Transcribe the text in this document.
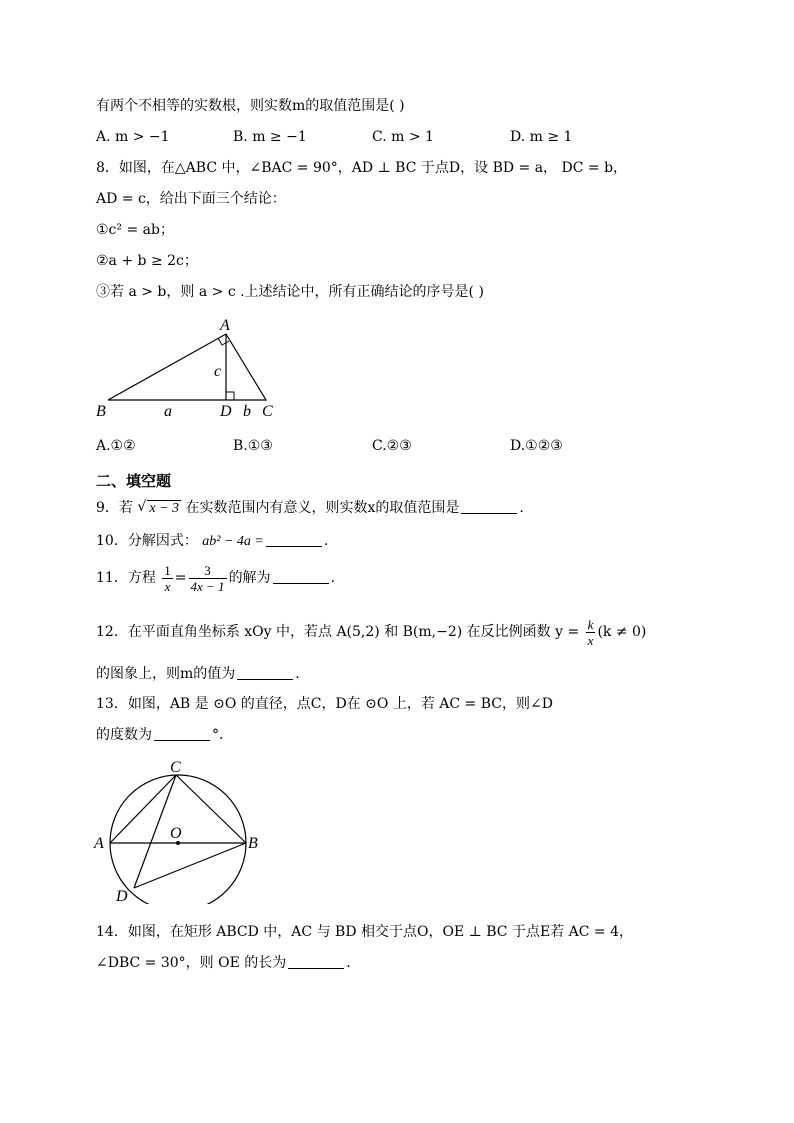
有两个不相等的实数根，则实数m的取值范围是( )
A. m > −1	B. m ≥ −1	C. m > 1	D. m ≥ 1
8．如图，在△ABC 中，∠BAC = 90°，AD ⊥ BC 于点D，设 BD = a， DC = b，
AD = c，给出下面三个结论：
①c² = ab；
②a + b ≥ 2c；
③若 a > b，则 a > c .上述结论中，所有正确结论的序号是( )
A
B	C
D
a	b
c
A.①②	B.①③	C.②③	D.①②③
二、填空题
9．若 √ x − 3 在实数范围内有意义，则实数x的取值范围是	.
10．分解因式： ab² − 4a =	.
11．方程 $\frac{1}{x} = \frac{3}{4x - 1}$ 的解为	.
12．在平面直角坐标系 xOy 中，若点 A(5,2) 和 B(m,−2) 在反比例函数 $y = \frac{k}{x} (k \ne 0)$
的图象上，则m的值为	.
13．如图，AB 是 ⊙O 的直径，点C，D在 ⊙O 上，若 AC = BC，则∠D
的度数为	°.
C
A	B
O
D
14．如图，在矩形 ABCD 中，AC 与 BD 相交于点O，OE ⊥ BC 于点E若 AC = 4，
∠DBC = 30°，则 OE 的长为	.
